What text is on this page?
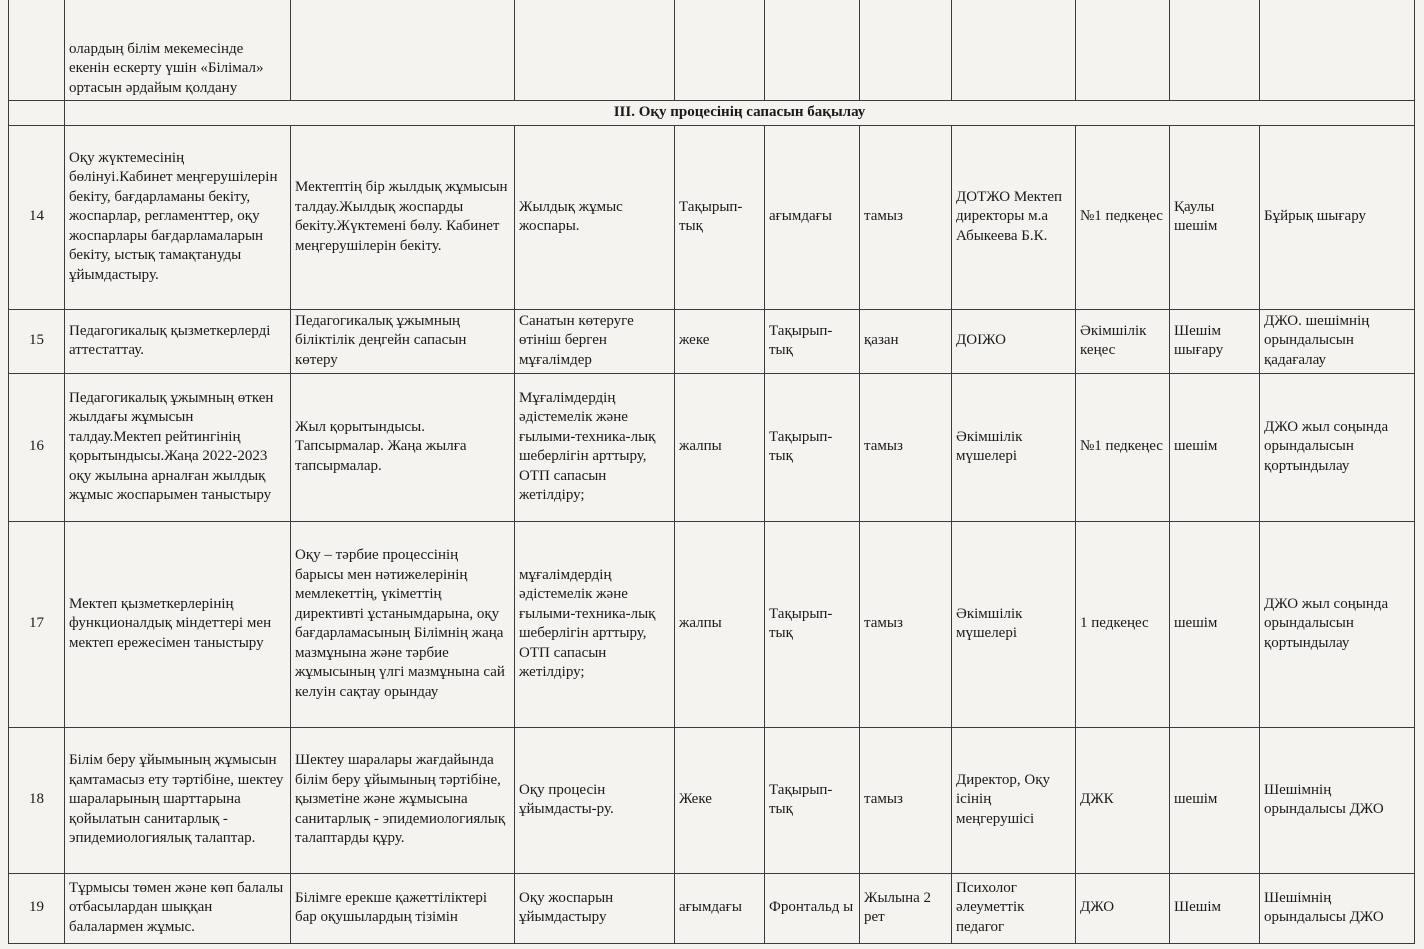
	олардың білім мекемесінде екенін ескерту үшін «Білімал» ортасын әрдайым қолдану									
	III. Оқу процесінің сапасын бақылау									
14	Оқу жүктемесінің бөлінуі.Кабинет меңгерушілерін бекіту, бағдарламаны бекіту, жоспарлар, регламенттер, оқу жоспарлары бағдарламаларын бекіту, ыстық тамақтануды ұйымдастыру.	Мектептің бір жылдық жұмысын талдау.Жылдық жоспарды бекіту.Жүктемені бөлу. Кабинет меңгерушілерін бекіту.	Жылдық жұмыс жоспары.	Тақырып-тық	ағымдағы	тамыз	ДОТЖО Мектеп директоры м.а Абыкеева Б.К.	№1 педкеңес	Қаулы шешім	Бұйрық шығару
15	Педагогикалық қызметкерлерді аттестаттау.	Педагогикалық ұжымның біліктілік деңгейн сапасын көтеру	Санатын көтеруге өтініш берген мұғалімдер	жеке	Тақырып-тық	қазан	ДОІЖО	Әкімшілік кеңес	Шешім шығару	ДЖО. шешімнің орындалысын қадағалау
16	Педагогикалық ұжымның өткен жылдағы жұмысын талдау.Мектеп рейтингінің қорытындысы.Жаңа 2022-2023 оқу жылына арналған жылдық жұмыс жоспарымен таныстыру	Жыл қорытындысы. Тапсырмалар. Жаңа жылға тапсырмалар.	Мұғалімдердің әдістемелік және ғылыми-техника-лық шеберлігін арттыру, ОТП сапасын жетілдіру;	жалпы	Тақырып-тық	тамыз	Әкімшілік мүшелері	№1 педкеңес	шешім	ДЖО жыл соңында орындалысын қортындылау
17	Мектеп қызметкерлерінің функционалдық міндеттері мен мектеп ережесімен таныстыру	Оқу – тәрбие процессінің барысы мен нәтижелерінің мемлекеттің, үкіметтің директивті ұстанымдарына, оқу бағдарламасының Білімнің жаңа мазмұнына және тәрбие жұмысының үлгі мазмұнына сай келуін сақтау орындау	мұғалімдердің әдістемелік және ғылыми-техника-лық шеберлігін арттыру, ОТП сапасын жетілдіру;	жалпы	Тақырып-тық	тамыз	Әкімшілік мүшелері	1 педкеңес	шешім	ДЖО жыл соңында орындалысын қортындылау
18	Білім беру ұйымының жұмысын қамтамасыз ету тәртібіне, шектеу шараларының шарттарына қойылатын санитарлық - эпидемиологиялық талаптар.	Шектеу шаралары жағдайында білім беру ұйымының тәртібіне, қызметіне және жұмысына санитарлық - эпидемиологиялық талаптарды құру.	Оқу процесін ұйымдасты-ру.	Жеке	Тақырып-тық	тамыз	Директор, Оқу ісінің меңгерушісі	ДЖК	шешім	Шешімнің орындалысы ДЖО
19	Тұрмысы төмен және көп балалы отбасылардан шыққан балалармен жұмыс.	Білімге ерекше қажеттіліктері бар оқушылардың тізімін	Оқу жоспарын ұйымдастыру	ағымдағы	Фронтальд ы	Жылына 2 рет	Психолог әлеуметтік педагог	ДЖО	Шешім	Шешімнің орындалысы ДЖО
